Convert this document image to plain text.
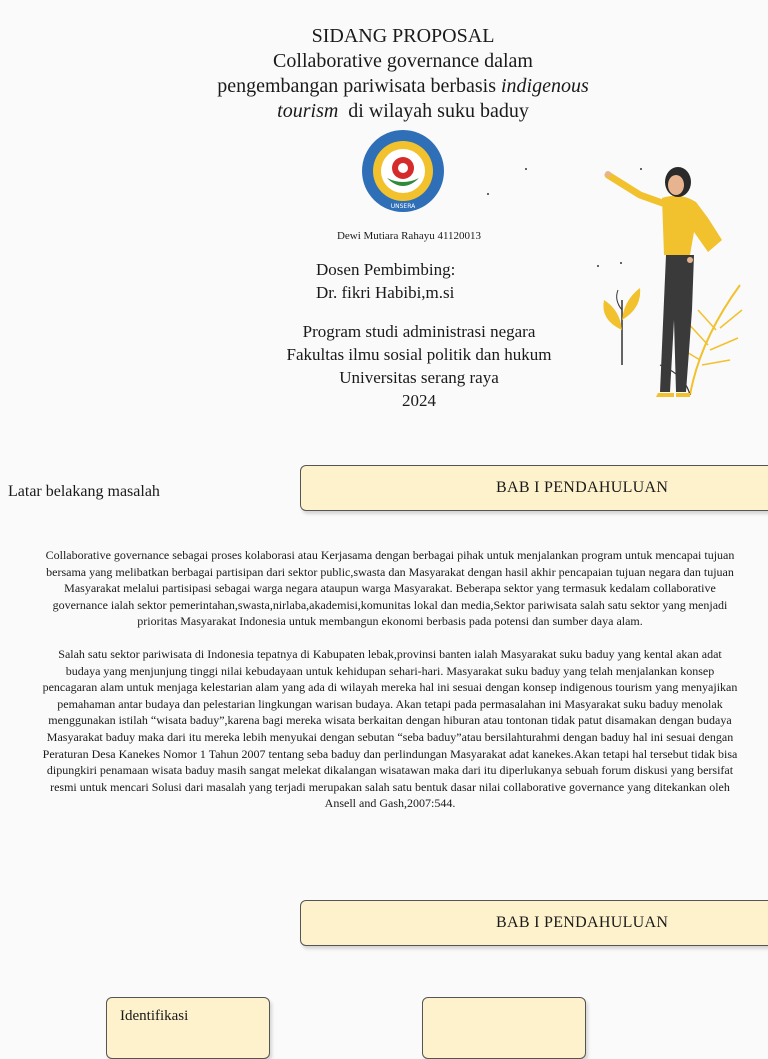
SIDANG PROPOSAL
Collaborative governance dalam
pengembangan pariwisata berbasis indigenous
tourism  di wilayah suku baduy
UNSERA
Dewi Mutiara Rahayu 41120013
Dosen Pembimbing:
Dr. fikri Habibi,m.si
Program studi administrasi negara
Fakultas ilmu sosial politik dan hukum
Universitas serang raya
2024
Latar belakang masalah	BAB I PENDAHULUAN

Collaborative governance sebagai proses kolaborasi atau Kerjasama dengan berbagai pihak untuk menjalankan program untuk mencapai tujuan bersama yang melibatkan berbagai partisipan dari sektor public,swasta dan Masyarakat dengan hasil akhir pencapaian tujuan negara dan tujuan Masyarakat melalui partisipasi sebagai warga negara ataupun warga Masyarakat. Beberapa sektor yang termasuk kedalam collaborative governance ialah sektor pemerintahan,swasta,nirlaba,akademisi,komunitas lokal dan media,Sektor pariwisata salah satu sektor yang menjadi prioritas Masyarakat Indonesia untuk membangun ekonomi berbasis pada potensi dan sumber daya alam.

Salah satu sektor pariwisata di Indonesia tepatnya di Kabupaten lebak,provinsi banten ialah Masyarakat suku baduy yang kental akan adat budaya yang menjunjung tinggi nilai kebudayaan untuk kehidupan sehari-hari. Masyarakat suku baduy yang telah menjalankan konsep pencagaran alam untuk menjaga kelestarian alam yang ada di wilayah mereka hal ini sesuai dengan konsep indigenous tourism yang menyajikan pemahaman antar budaya dan pelestarian lingkungan warisan budaya. Akan tetapi pada permasalahan ini Masyarakat suku baduy menolak menggunakan istilah “wisata baduy”,karena bagi mereka wisata berkaitan dengan hiburan atau tontonan tidak patut disamakan dengan budaya Masyarakat baduy maka dari itu mereka lebih menyukai dengan sebutan “seba baduy”atau bersilahturahmi dengan baduy hal ini sesuai dengan Peraturan Desa Kanekes Nomor 1 Tahun 2007 tentang seba baduy dan perlindungan Masyarakat adat kanekes.Akan tetapi hal tersebut tidak bisa dipungkiri penamaan wisata baduy masih sangat melekat dikalangan wisatawan maka dari itu diperlukanya sebuah forum diskusi yang bersifat resmi untuk mencari Solusi dari masalah yang terjadi merupakan salah satu bentuk dasar nilai collaborative governance yang ditekankan oleh Ansell and Gash,2007:544.

BAB I PENDAHULUAN
Identifikasi
